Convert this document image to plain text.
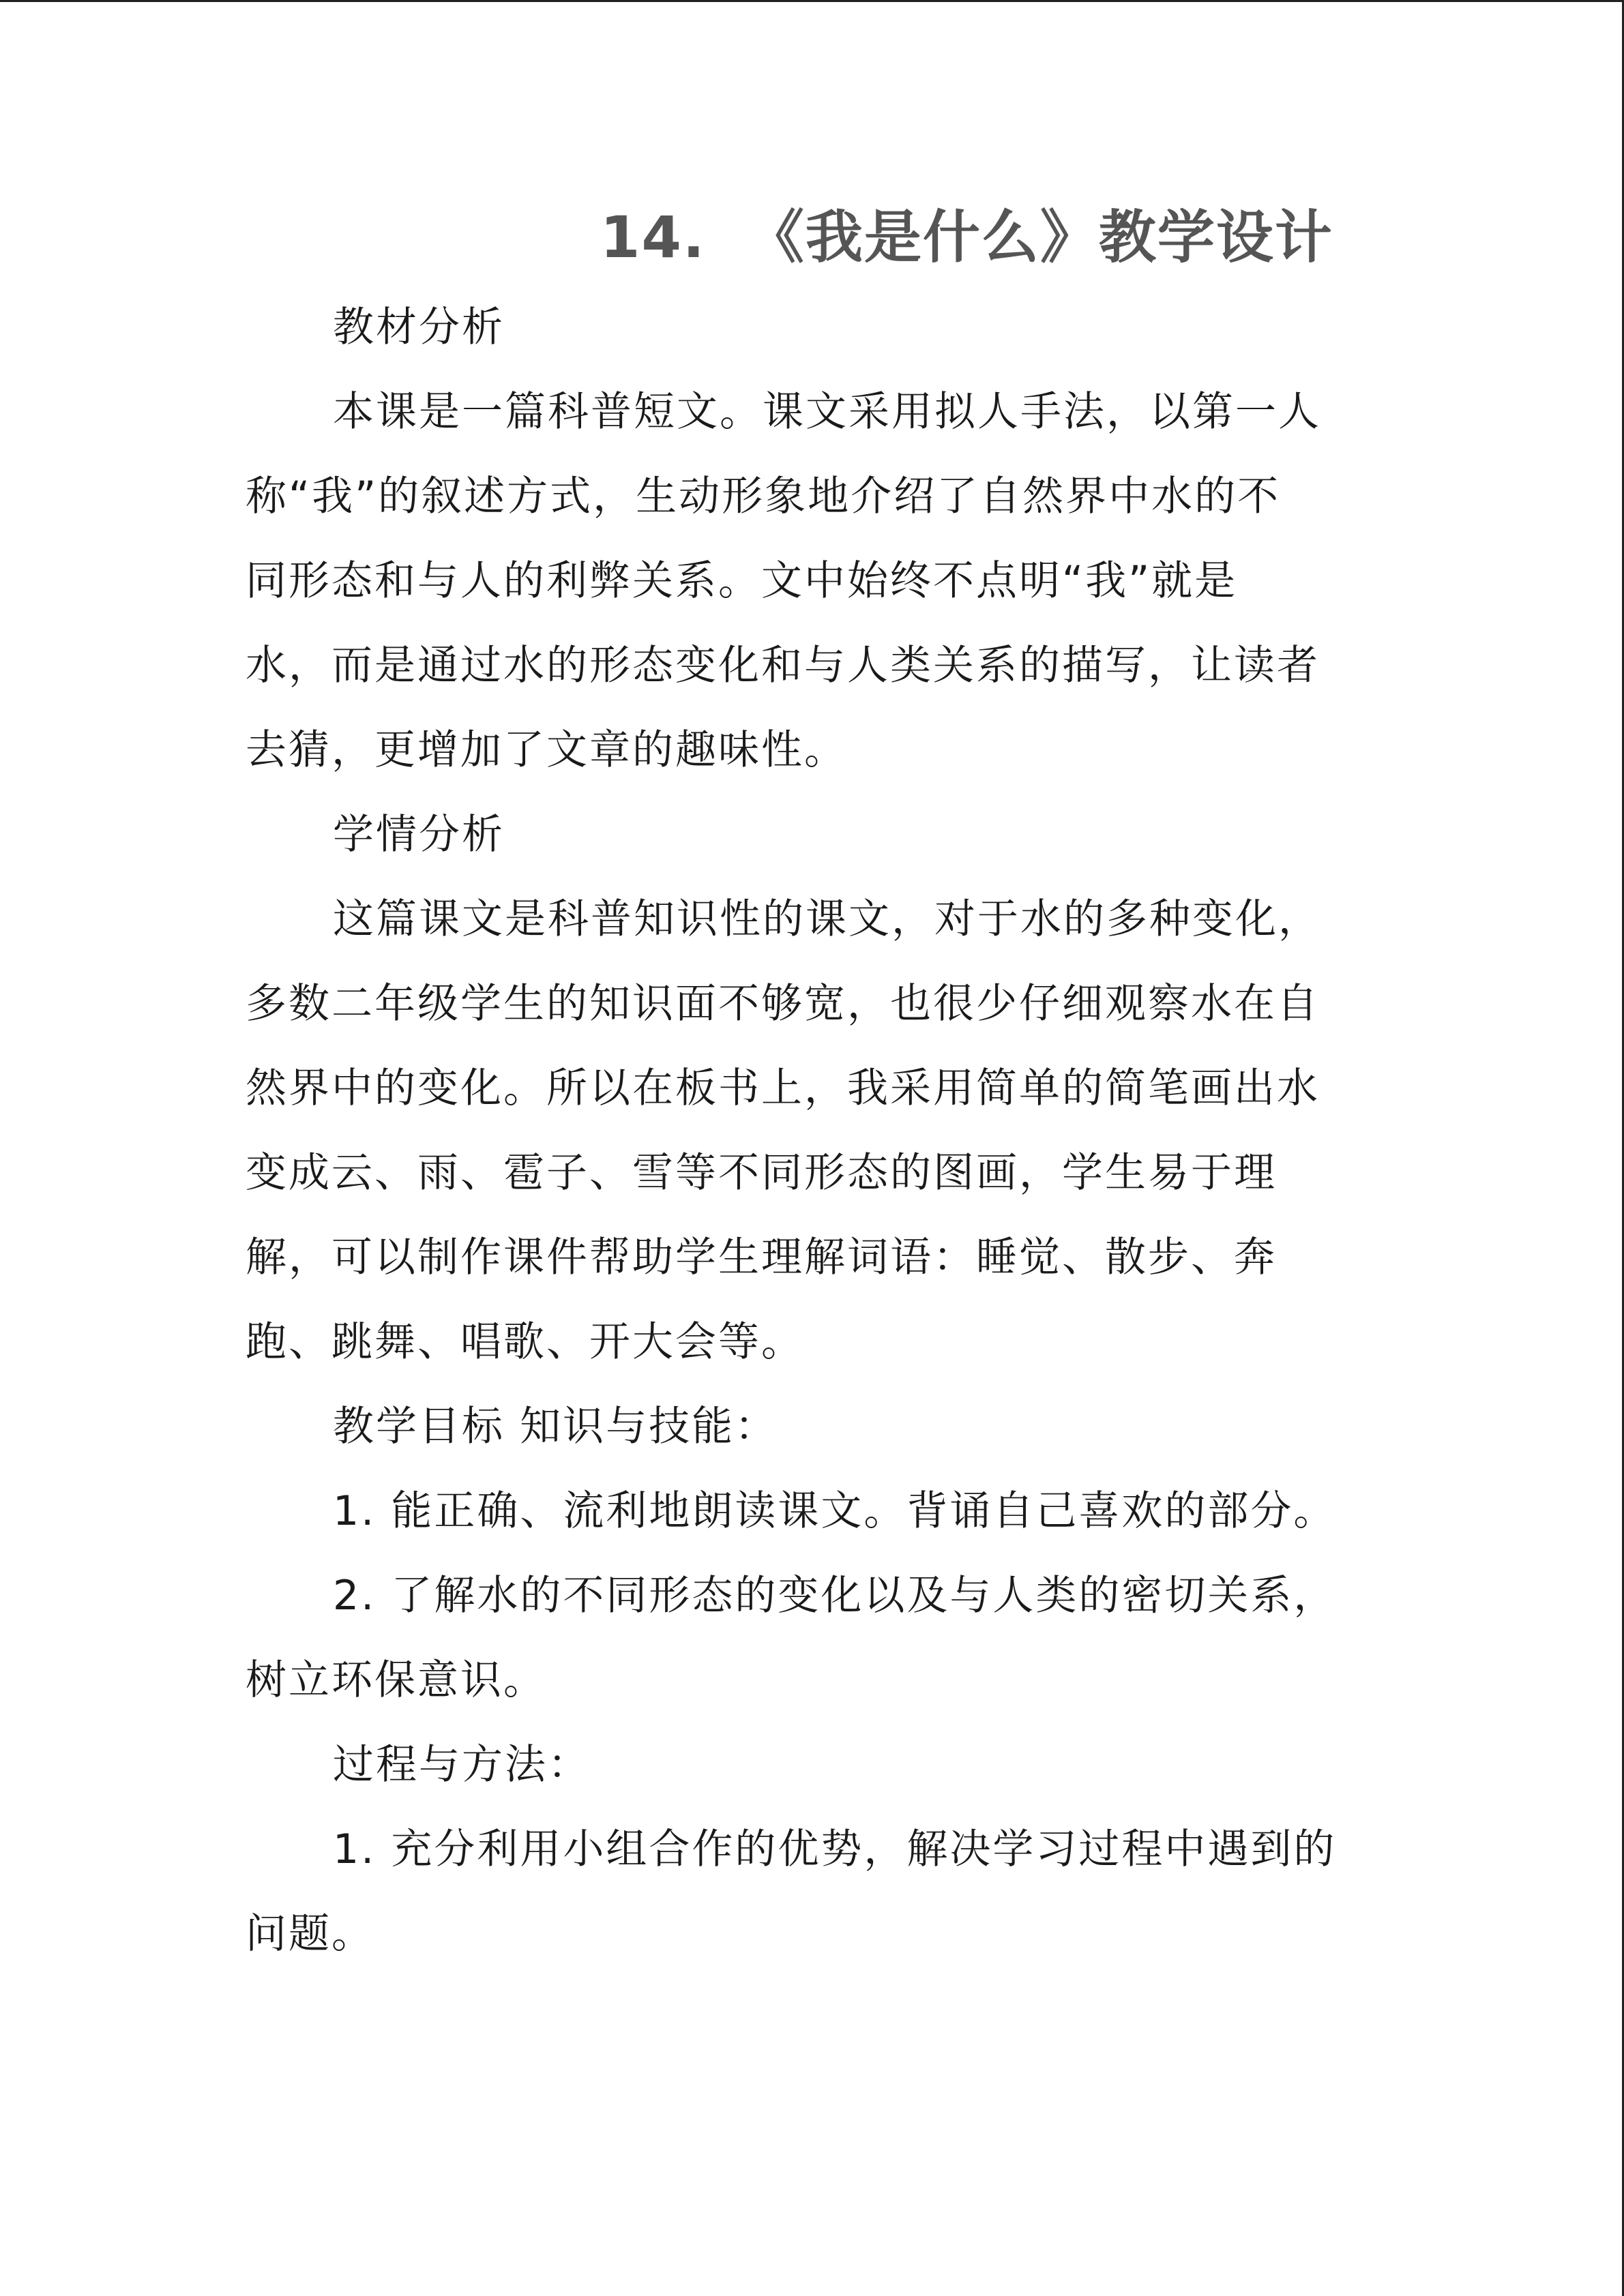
14. 《我是什么》教学设计

教材分析

本课是一篇科普短文。课文采用拟人手法，以第一人

称“我”的叙述方式，生动形象地介绍了自然界中水的不

同形态和与人的利弊关系。文中始终不点明“我”就是

水，而是通过水的形态变化和与人类关系的描写，让读者

去猜，更增加了文章的趣味性。

学情分析

这篇课文是科普知识性的课文，对于水的多种变化，

多数二年级学生的知识面不够宽，也很少仔细观察水在自

然界中的变化。所以在板书上，我采用简单的简笔画出水

变成云、雨、雹子、雪等不同形态的图画，学生易于理

解，可以制作课件帮助学生理解词语：睡觉、散步、奔

跑、跳舞、唱歌、开大会等。

教学目标 知识与技能：

1. 能正确、流利地朗读课文。背诵自己喜欢的部分。

2. 了解水的不同形态的变化以及与人类的密切关系，

树立环保意识。

过程与方法：

1. 充分利用小组合作的优势，解决学习过程中遇到的

问题。
